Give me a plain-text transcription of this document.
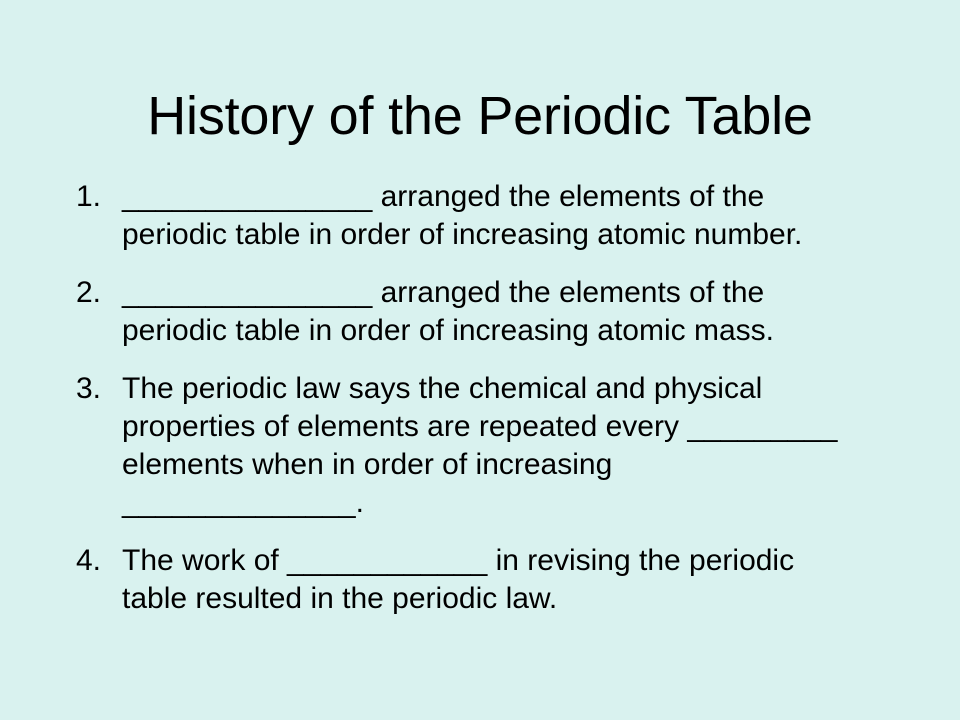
History of the Periodic Table
1. _______________ arranged the elements of the
periodic table in order of increasing atomic number.
2. _______________ arranged the elements of the
periodic table in order of increasing atomic mass.
3. The periodic law says the chemical and physical
properties of elements are repeated every _________
elements when in order of increasing
______________.
4. The work of ____________ in revising the periodic
table resulted in the periodic law.
